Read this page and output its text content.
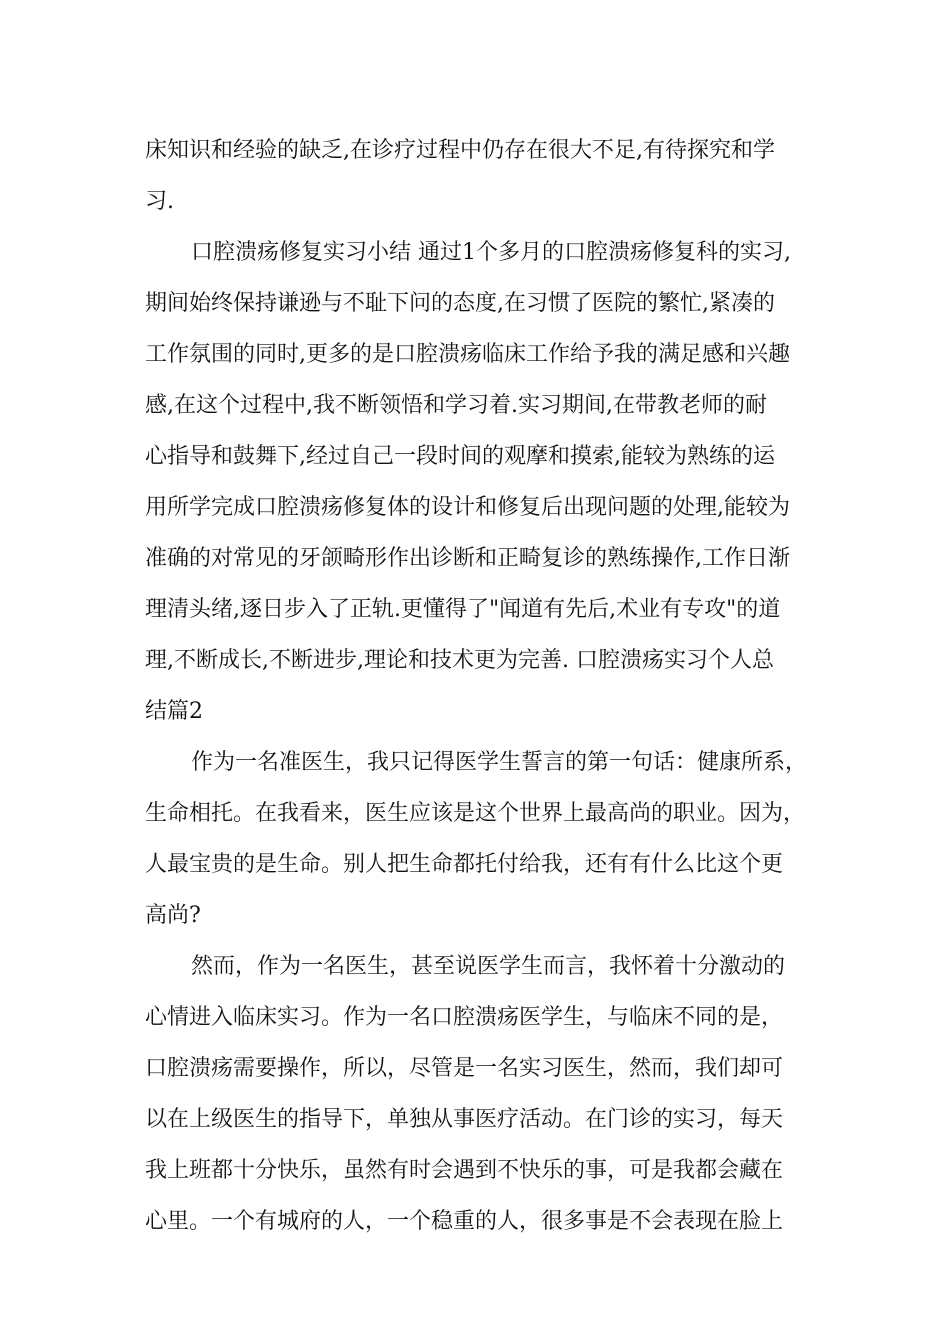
床知识和经验的缺乏,在诊疗过程中仍存在很大不足,有待探究和学
习.
口腔溃疡修复实习小结 通过1个多月的口腔溃疡修复科的实习,
期间始终保持谦逊与不耻下问的态度,在习惯了医院的繁忙,紧凑的
工作氛围的同时,更多的是口腔溃疡临床工作给予我的满足感和兴趣
感,在这个过程中,我不断领悟和学习着.实习期间,在带教老师的耐
心指导和鼓舞下,经过自己一段时间的观摩和摸索,能较为熟练的运
用所学完成口腔溃疡修复体的设计和修复后出现问题的处理,能较为
准确的对常见的牙颌畸形作出诊断和正畸复诊的熟练操作,工作日渐
理清头绪,逐日步入了正轨.更懂得了"闻道有先后,术业有专攻"的道
理,不断成长,不断进步,理论和技术更为完善. 口腔溃疡实习个人总
结篇2
作为一名准医生，我只记得医学生誓言的第一句话：健康所系，
生命相托。在我看来，医生应该是这个世界上最高尚的职业。因为，
人最宝贵的是生命。别人把生命都托付给我，还有有什么比这个更
高尚?
然而，作为一名医生，甚至说医学生而言，我怀着十分激动的
心情进入临床实习。作为一名口腔溃疡医学生，与临床不同的是，
口腔溃疡需要操作，所以，尽管是一名实习医生，然而，我们却可
以在上级医生的指导下，单独从事医疗活动。在门诊的实习，每天
我上班都十分快乐，虽然有时会遇到不快乐的事，可是我都会藏在
心里。一个有城府的人，一个稳重的人，很多事是不会表现在脸上
